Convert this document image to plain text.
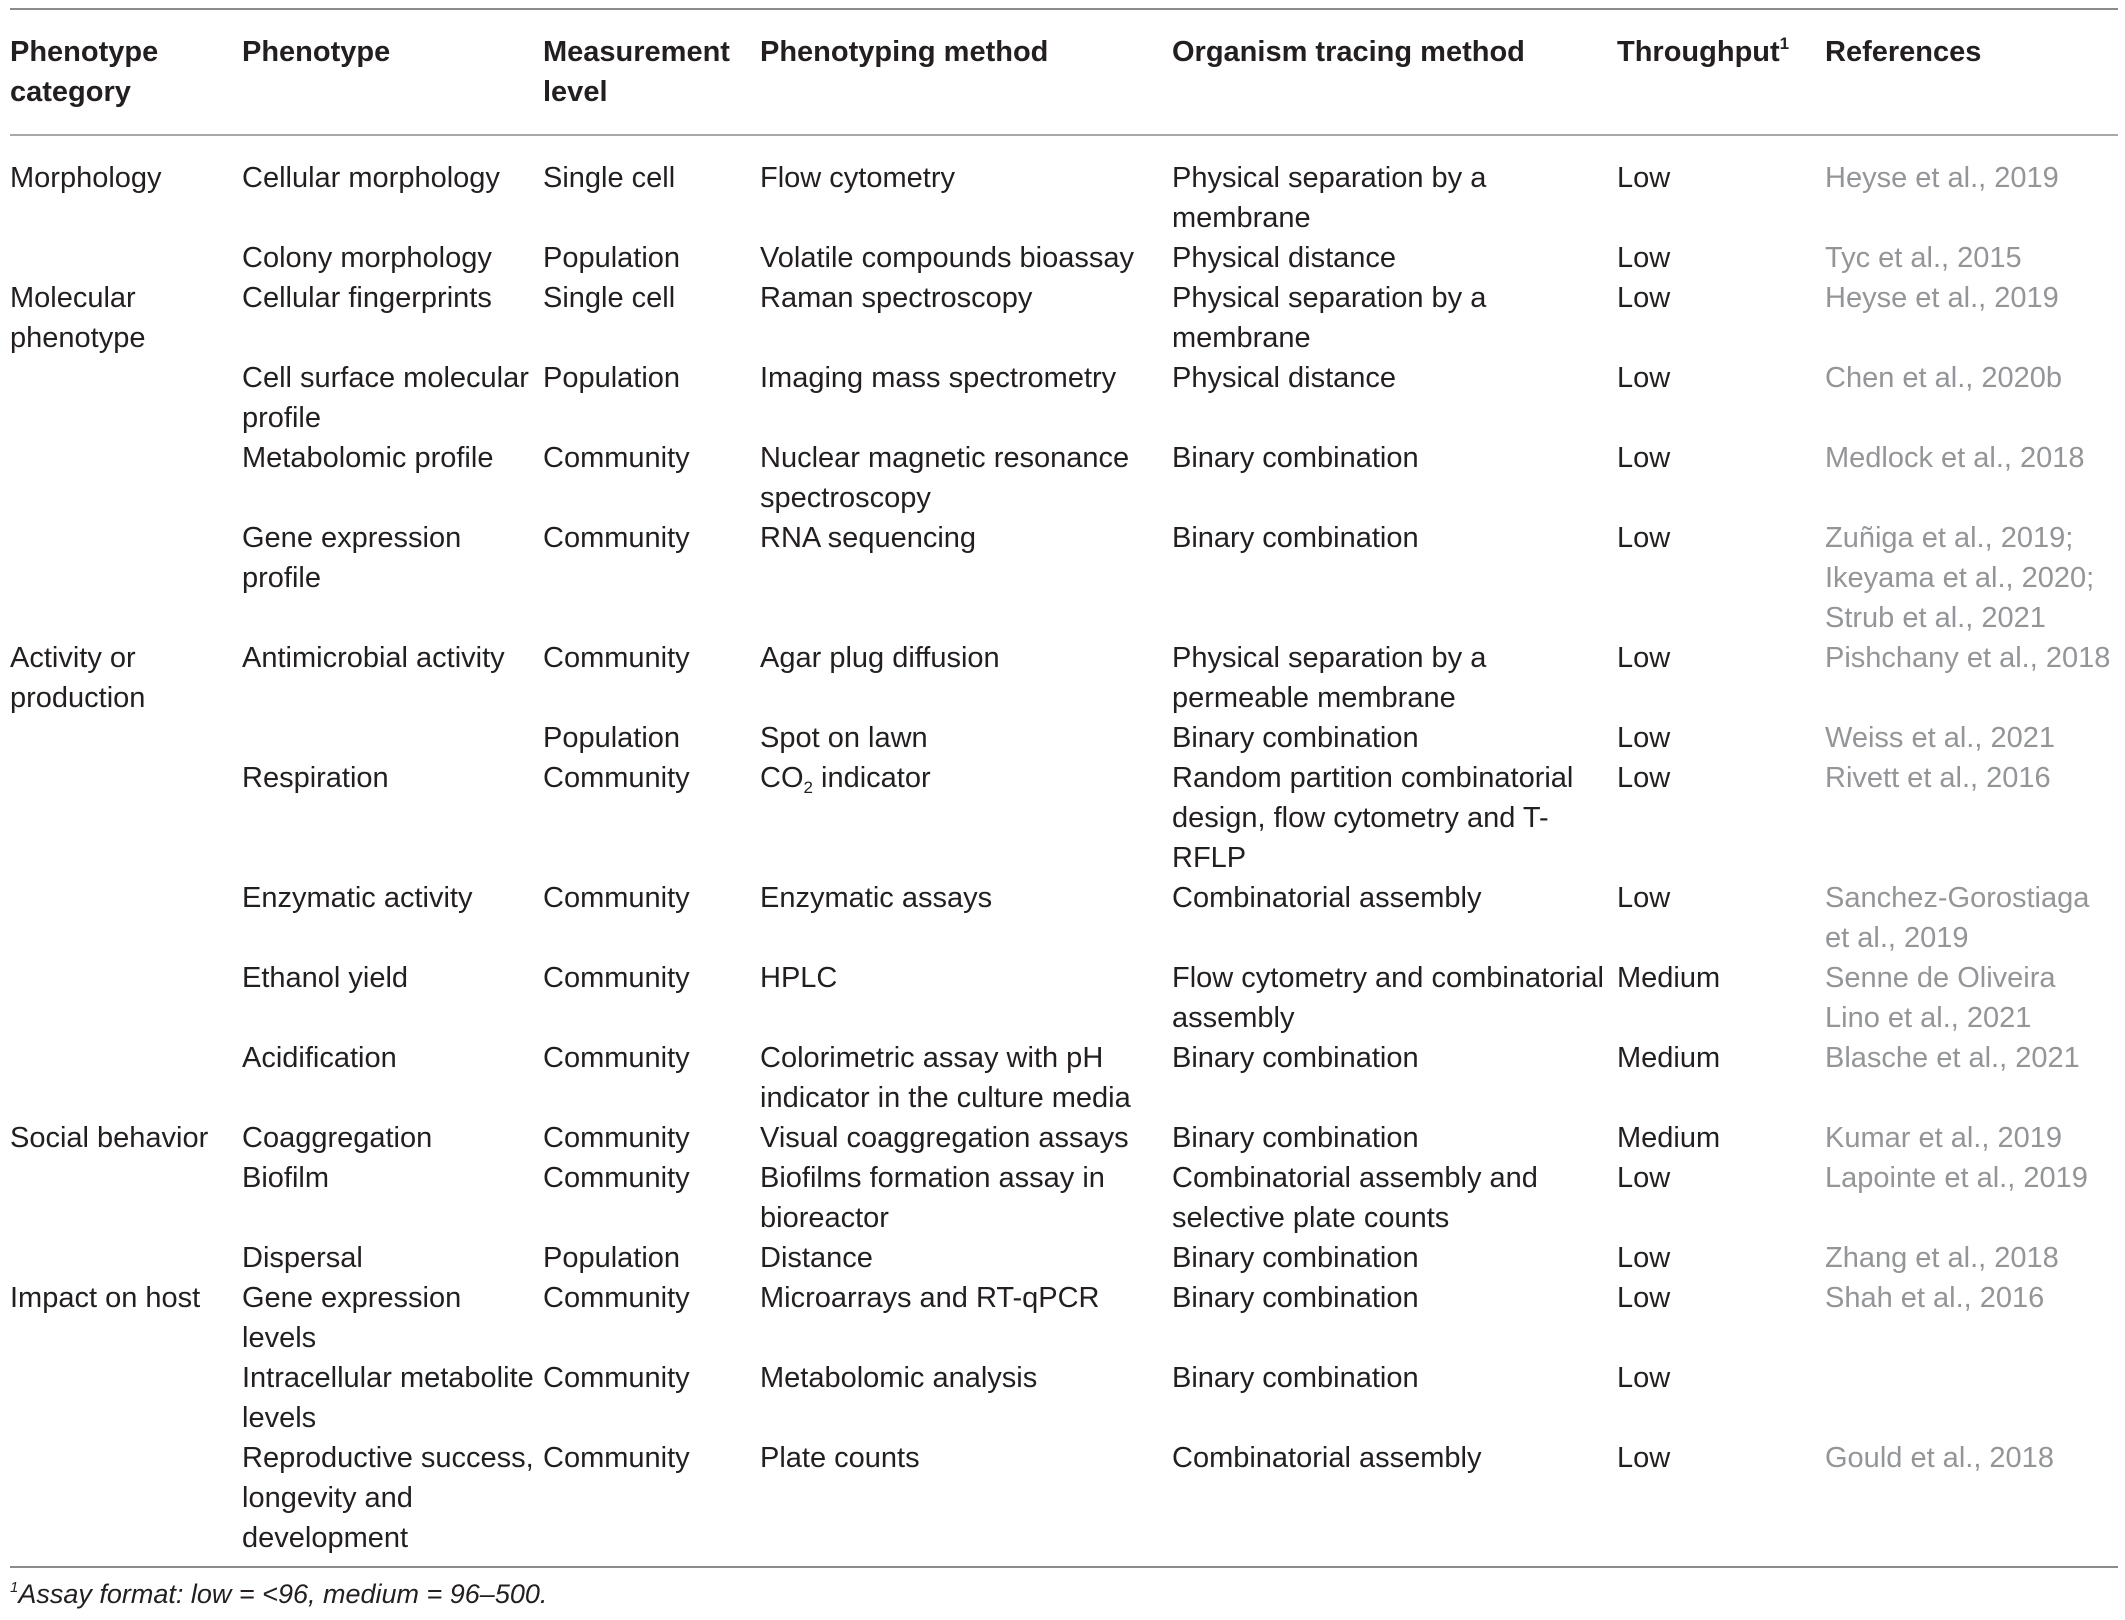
Phenotype category	Phenotype	Measurement level	Phenotyping method	Organism tracing method	Throughput$^1$	References

Morphology	Cellular morphology	Single cell	Flow cytometry	Physical separation by a membrane	Low	Heyse et al., 2019
	Colony morphology	Population	Volatile compounds bioassay	Physical distance	Low	Tyc et al., 2015
Molecular phenotype	Cellular fingerprints	Single cell	Raman spectroscopy	Physical separation by a membrane	Low	Heyse et al., 2019
	Cell surface molecular profile	Population	Imaging mass spectrometry	Physical distance	Low	Chen et al., 2020b
	Metabolomic profile	Community	Nuclear magnetic resonance spectroscopy	Binary combination	Low	Medlock et al., 2018
	Gene expression profile	Community	RNA sequencing	Binary combination	Low	Zuñiga et al., 2019; Ikeyama et al., 2020; Strub et al., 2021
Activity or production	Antimicrobial activity	Community	Agar plug diffusion	Physical separation by a permeable membrane	Low	Pishchany et al., 2018
		Population	Spot on lawn	Binary combination	Low	Weiss et al., 2021
	Respiration	Community	$CO_2$ indicator	Random partition combinatorial design, flow cytometry and T-RFLP	Low	Rivett et al., 2016
	Enzymatic activity	Community	Enzymatic assays	Combinatorial assembly	Low	Sanchez-Gorostiaga et al., 2019
	Ethanol yield	Community	HPLC	Flow cytometry and combinatorial assembly	Medium	Senne de Oliveira Lino et al., 2021
	Acidification	Community	Colorimetric assay with pH indicator in the culture media	Binary combination	Medium	Blasche et al., 2021
Social behavior	Coaggregation	Community	Visual coaggregation assays	Binary combination	Medium	Kumar et al., 2019
	Biofilm	Community	Biofilms formation assay in bioreactor	Combinatorial assembly and selective plate counts	Low	Lapointe et al., 2019
	Dispersal	Population	Distance	Binary combination	Low	Zhang et al., 2018
Impact on host	Gene expression levels	Community	Microarrays and RT-qPCR	Binary combination	Low	Shah et al., 2016
	Intracellular metabolite levels	Community	Metabolomic analysis	Binary combination	Low	
	Reproductive success, longevity and development	Community	Plate counts	Combinatorial assembly	Low	Gould et al., 2018
$^1$Assay format: low = <96, medium = 96–500.
